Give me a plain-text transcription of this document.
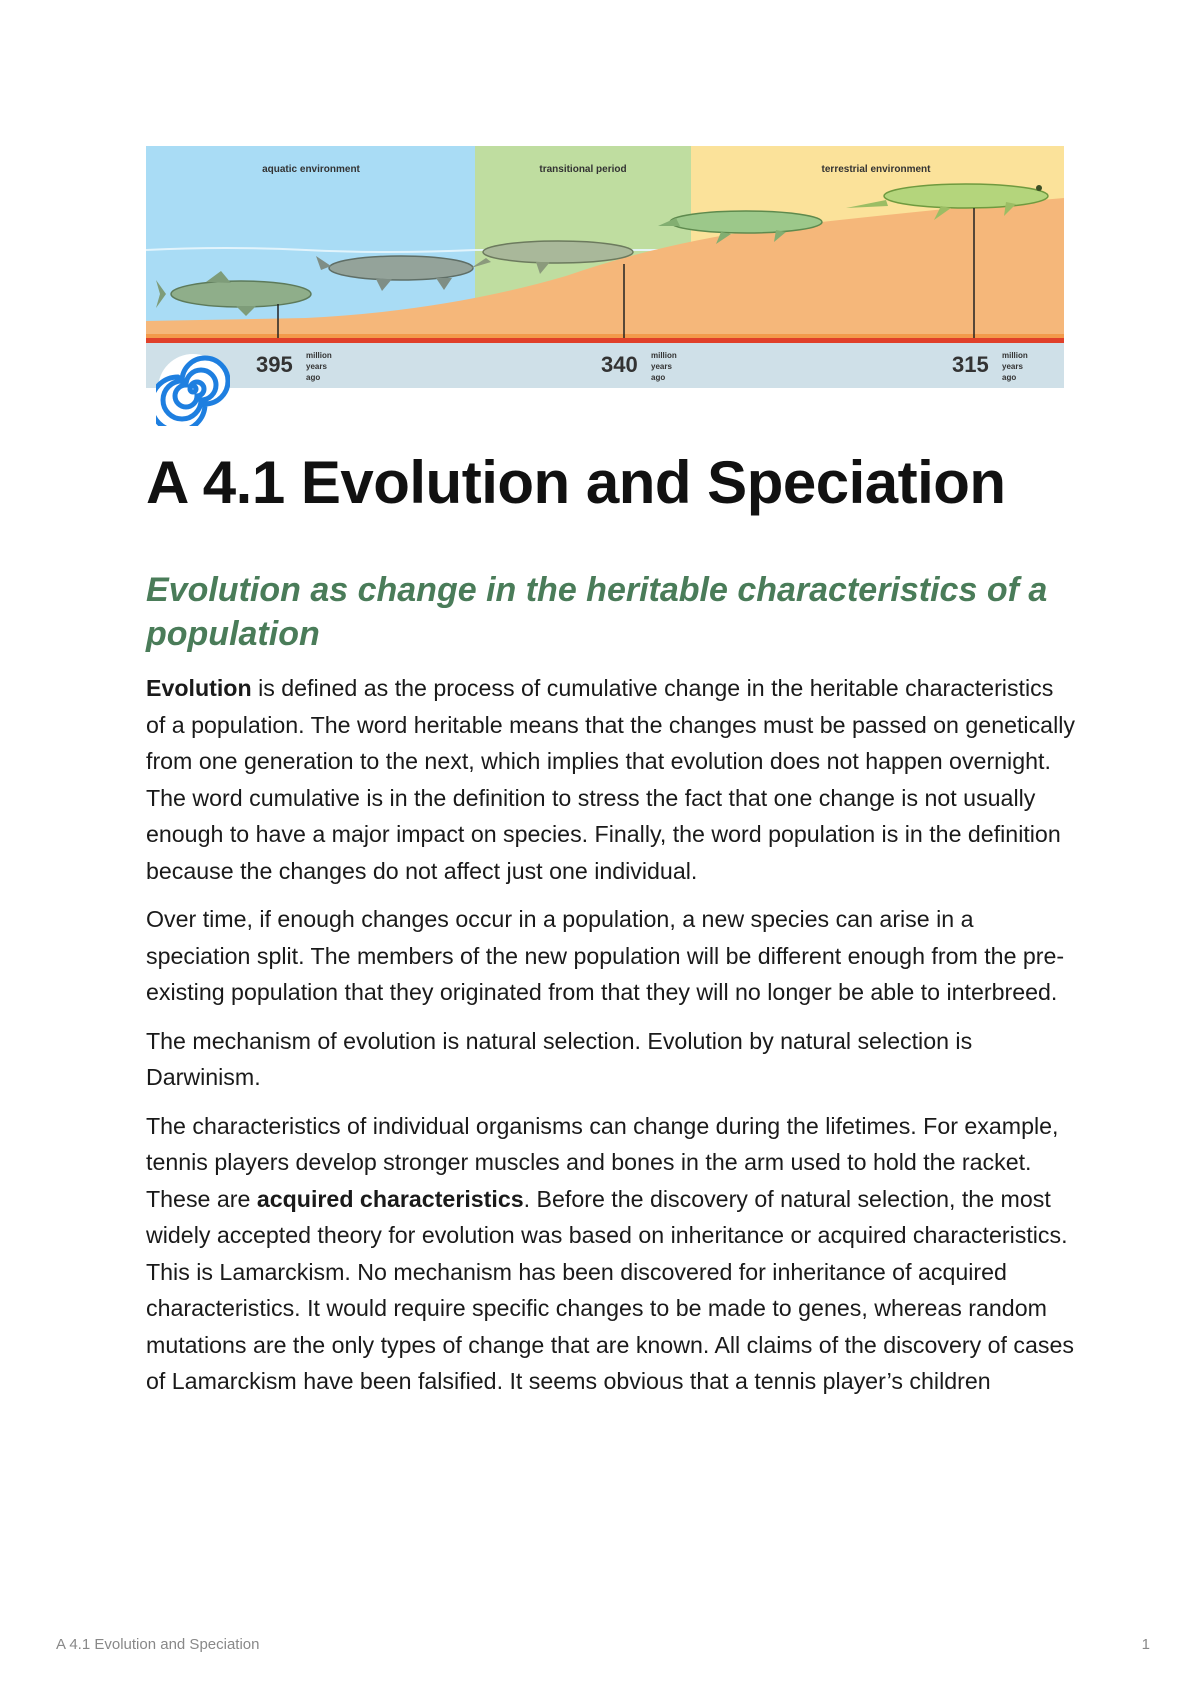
aquatic environment	transitional period	terrestrial environment
395 million
years
ago
340 million
years
ago
315 million
years
ago
A 4.1 Evolution and Speciation
Evolution as change in the heritable characteristics of a population

Evolution is defined as the process of cumulative change in the heritable characteristics of a population. The word heritable means that the changes must be passed on genetically from one generation to the next, which implies that evolution does not happen overnight. The word cumulative is in the definition to stress the fact that one change is not usually enough to have a major impact on species. Finally, the word population is in the definition because the changes do not affect just one individual.

Over time, if enough changes occur in a population, a new species can arise in a speciation split. The members of the new population will be different enough from the pre-existing population that they originated from that they will no longer be able to interbreed.

The mechanism of evolution is natural selection. Evolution by natural selection is Darwinism.

The characteristics of individual organisms can change during the lifetimes. For example, tennis players develop stronger muscles and bones in the arm used to hold the racket. These are acquired characteristics. Before the discovery of natural selection, the most widely accepted theory for evolution was based on inheritance or acquired characteristics. This is Lamarckism. No mechanism has been discovered for inheritance of acquired characteristics. It would require specific changes to be made to genes, whereas random mutations are the only types of change that are known. All claims of the discovery of cases of Lamarckism have been falsified. It seems obvious that a tennis player’s children

A 4.1 Evolution and Speciation	1
